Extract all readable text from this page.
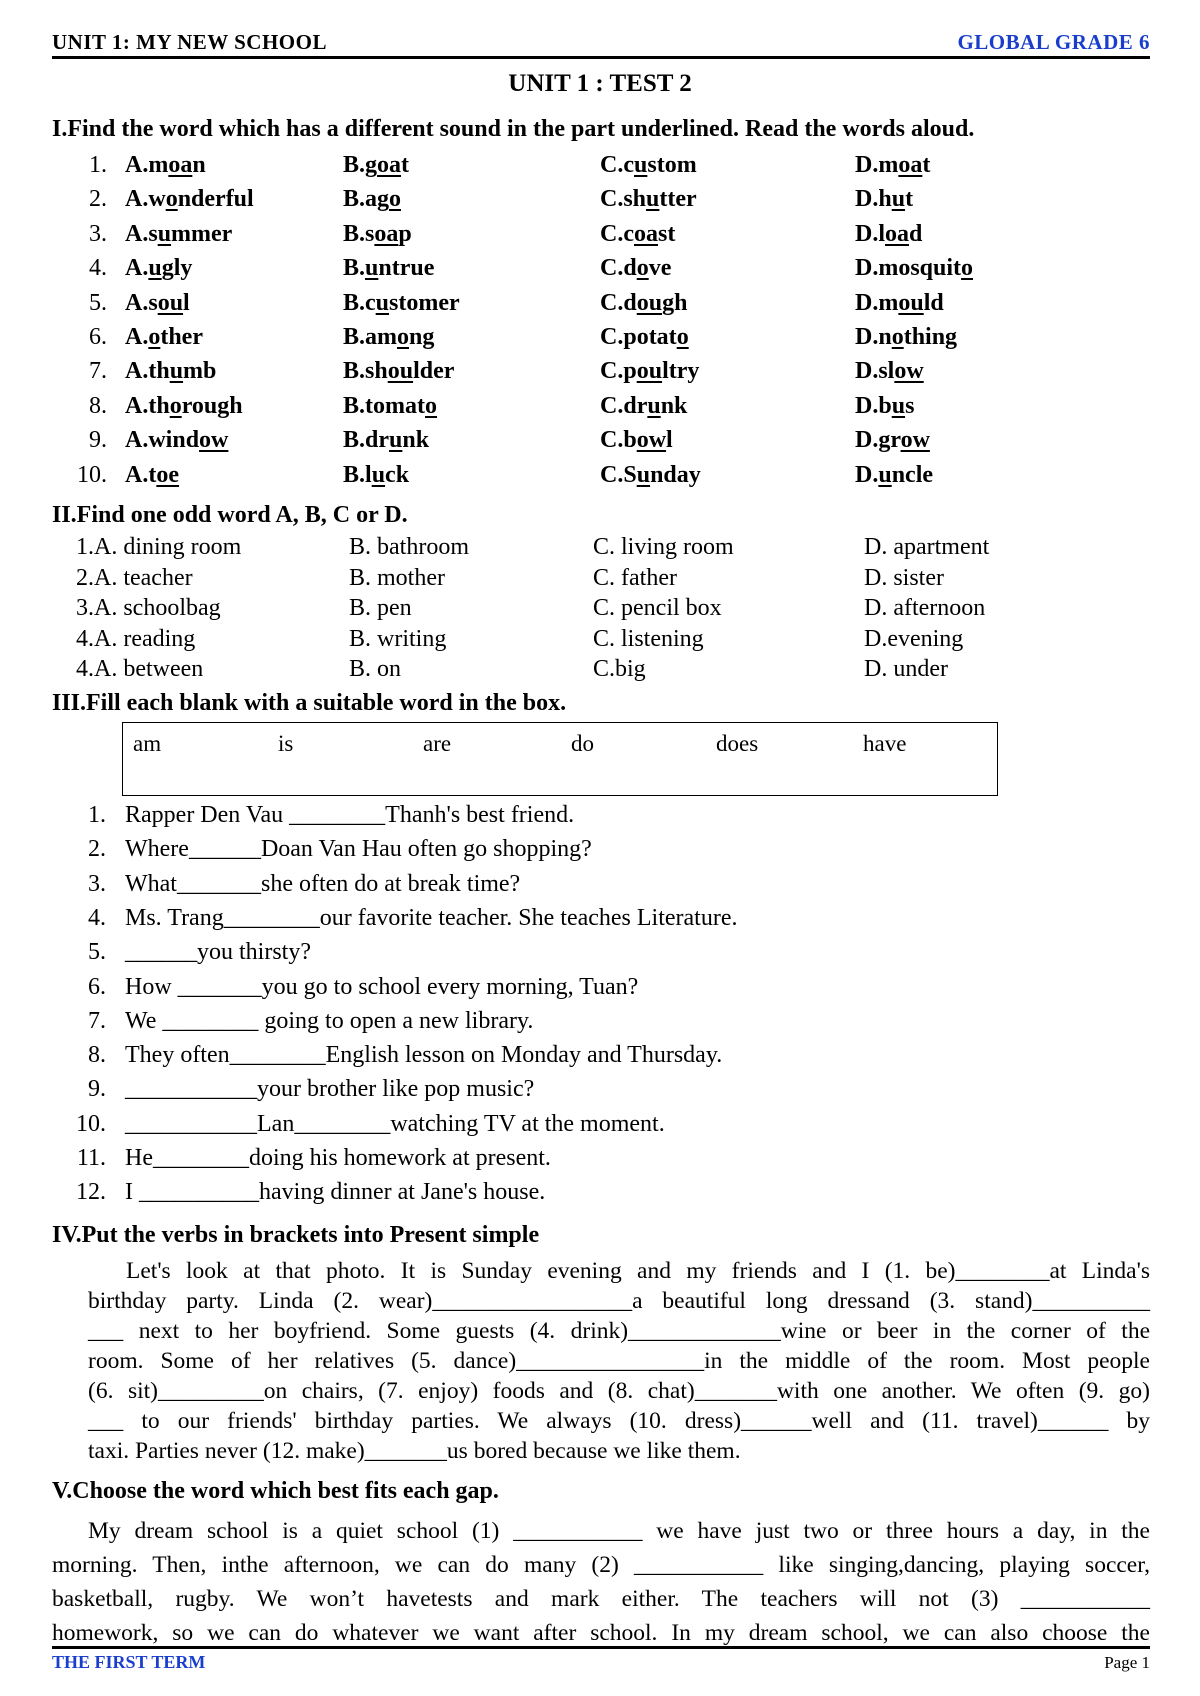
UNIT 1: MY NEW SCHOOL	GLOBAL GRADE 6
UNIT 1 : TEST 2
I.Find the word which has a different sound in the part underlined. Read the words aloud.
1. A.moan	B.goat	C.custom	D.moat
2. A.wonderful	B.ago	C.shutter	D.hut
3. A.summer	B.soap	C.coast	D.load
4. A.ugly	B.untrue	C.dove	D.mosquito
5. A.soul	B.customer	C.dough	D.mould
6. A.other	B.among	C.potato	D.nothing
7. A.thumb	B.shoulder	C.poultry	D.slow
8. A.thorough	B.tomato	C.drunk	D.bus
9. A.window	B.drunk	C.bowl	D.grow
10. A.toe	B.luck	C.Sunday	D.uncle
II.Find one odd word A, B, C or D.
1.A. dining room	B. bathroom	C. living room	D. apartment
2.A. teacher	B. mother	C. father	D. sister
3.A. schoolbag	B. pen	C. pencil box	D. afternoon
4.A. reading	B. writing	C. listening	D.evening
4.A. between	B. on	C.big	D. under
III.Fill each blank with a suitable word in the box.
am	is	are	do	does	have
1. Rapper Den Vau ________Thanh's best friend.
2. Where______Doan Van Hau often go shopping?
3. What_______she often do at break time?
4. Ms. Trang________our favorite teacher. She teaches Literature.
5. ______you thirsty?
6. How _______you go to school every morning, Tuan?
7. We ________ going to open a new library.
8. They often________English lesson on Monday and Thursday.
9. ___________your brother like pop music?
10. ___________Lan________watching TV at the moment.
11. He________doing his homework at present.
12. I __________having dinner at Jane's house.
IV.Put the verbs in brackets into Present simple
Let's look at that photo. It is Sunday evening and my friends and I (1. be)________at Linda's
birthday party. Linda (2. wear)_________________a beautiful long dressand (3. stand)__________
___ next to her boyfriend. Some guests (4. drink)_____________wine or beer in the corner of the
room. Some of her relatives (5. dance)________________in the middle of the room. Most people
(6. sit)_________on chairs, (7. enjoy) foods and (8. chat)_______with one another. We often (9. go)
___ to our friends' birthday parties. We always (10. dress)______well and (11. travel)______ by
taxi. Parties never (12. make)_______us bored because we like them.
V.Choose the word which best fits each gap.
My dream school is a quiet school (1) ___________ we have just two or three hours a day, in the
morning. Then, inthe afternoon, we can do many (2) ___________ like singing,dancing, playing soccer,
basketball, rugby. We won’t havetests and mark either. The teachers will not (3) ___________
homework, so we can do whatever we want after school. In my dream school, we can also choose the
THE FIRST TERM	Page 1
